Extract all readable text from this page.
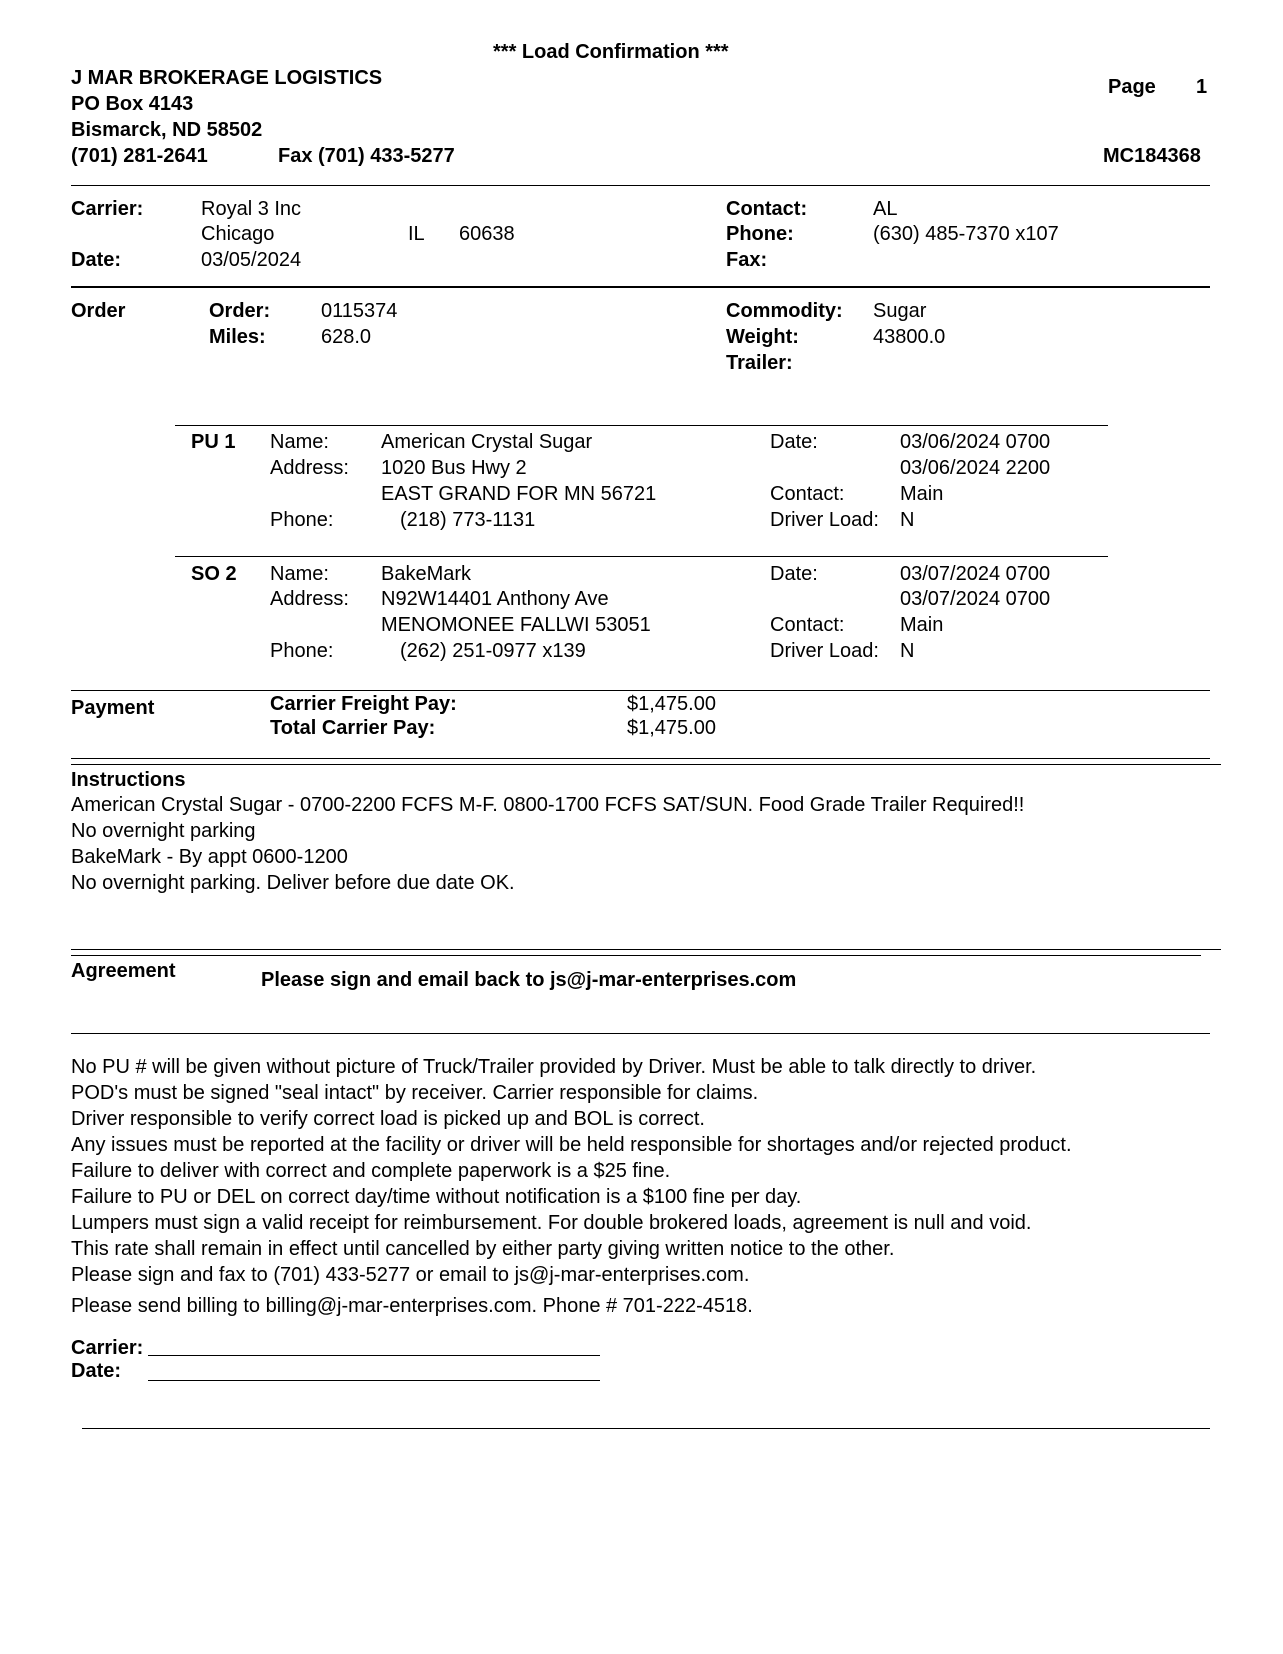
*** Load Confirmation ***
J MAR BROKERAGE LOGISTICS
PO Box 4143
Bismarck, ND 58502
(701) 281-2641	Fax (701) 433-5277
Page 1
MC184368
Carrier:	Royal 3 Inc
Chicago	IL 60638
Date:	03/05/2024
Contact:	AL
Phone:	(630) 485-7370 x107
Fax:
Order	Order:	0115374
Miles:	628.0
Commodity: Sugar
Weight:	43800.0
Trailer:
PU 1 Name:	American Crystal Sugar
Address: 1020 Bus Hwy 2
EAST GRAND FOR MN 56721
Phone:	(218) 773-1131
Date:	03/06/2024 0700
03/06/2024 2200
Contact:	Main
Driver Load: N
SO 2 Name:	BakeMark
Address: N92W14401 Anthony Ave
MENOMONEE FALLWI 53051
Phone:	(262) 251-0977 x139
Date:	03/07/2024 0700
03/07/2024 0700
Contact:	Main
Driver Load: N
Payment	Carrier Freight Pay:	$1,475.00
Total Carrier Pay:	$1,475.00
Instructions
American Crystal Sugar - 0700-2200 FCFS M-F. 0800-1700 FCFS SAT/SUN. Food Grade Trailer Required!!
No overnight parking
BakeMark - By appt 0600-1200
No overnight parking. Deliver before due date OK.
Agreement	Please sign and email back to js@j-mar-enterprises.com
No PU # will be given without picture of Truck/Trailer provided by Driver. Must be able to talk directly to driver.
POD's must be signed "seal intact" by receiver. Carrier responsible for claims.
Driver responsible to verify correct load is picked up and BOL is correct.
Any issues must be reported at the facility or driver will be held responsible for shortages and/or rejected product.
Failure to deliver with correct and complete paperwork is a $25 fine.
Failure to PU or DEL on correct day/time without notification is a $100 fine per day.
Lumpers must sign a valid receipt for reimbursement. For double brokered loads, agreement is null and void.
This rate shall remain in effect until cancelled by either party giving written notice to the other.
Please sign and fax to (701) 433-5277 or email to js@j-mar-enterprises.com.
Please send billing to billing@j-mar-enterprises.com. Phone # 701-222-4518.
Carrier:
Date:
